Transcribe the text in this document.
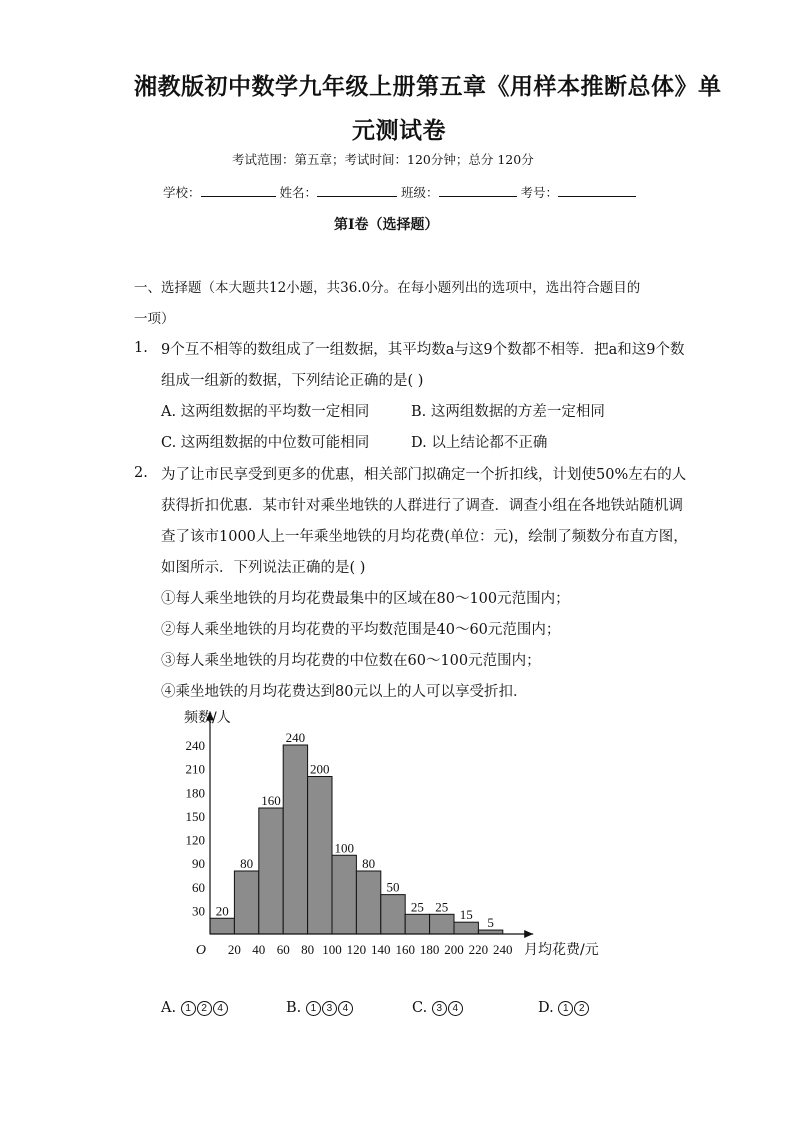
湘教版初中数学九年级上册第五章《用样本推断总体》单
元测试卷
考试范围：第五章；考试时间：120分钟；总分 120分
学校：	姓名：	班级：	考号：
第Ⅰ卷（选择题）
一、选择题（本大题共12小题，共36.0分。在每小题列出的选项中，选出符合题目的
一项）
1. 9个互不相等的数组成了一组数据，其平均数a与这9个数都不相等．把a和这9个数
组成一组新的数据，下列结论正确的是( )
A. 这两组数据的平均数一定相同	B. 这两组数据的方差一定相同
C. 这两组数据的中位数可能相同	D. 以上结论都不正确
2. 为了让市民享受到更多的优惠，相关部门拟确定一个折扣线，计划使50%左右的人
获得折扣优惠．某市针对乘坐地铁的人群进行了调查．调查小组在各地铁站随机调
查了该市1000人上一年乘坐地铁的月均花费(单位：元)，绘制了频数分布直方图，
如图所示．下列说法正确的是( )
①每人乘坐地铁的月均花费最集中的区域在80～100元范围内；
②每人乘坐地铁的月均花费的平均数范围是40～60元范围内；
③每人乘坐地铁的月均花费的中位数在60～100元范围内；
④乘坐地铁的月均花费达到80元以上的人可以享受折扣．
20
80
160
240
200
100
80
50
25 25
15
5
30
60
90
120
150
180
210
240
20 40 60 80 100 120 140 160 180 200 220 240
O
频数/人
月均花费/元
A. 1 2 4	B. 1 3 4	C. 3 4	D. 1 2
